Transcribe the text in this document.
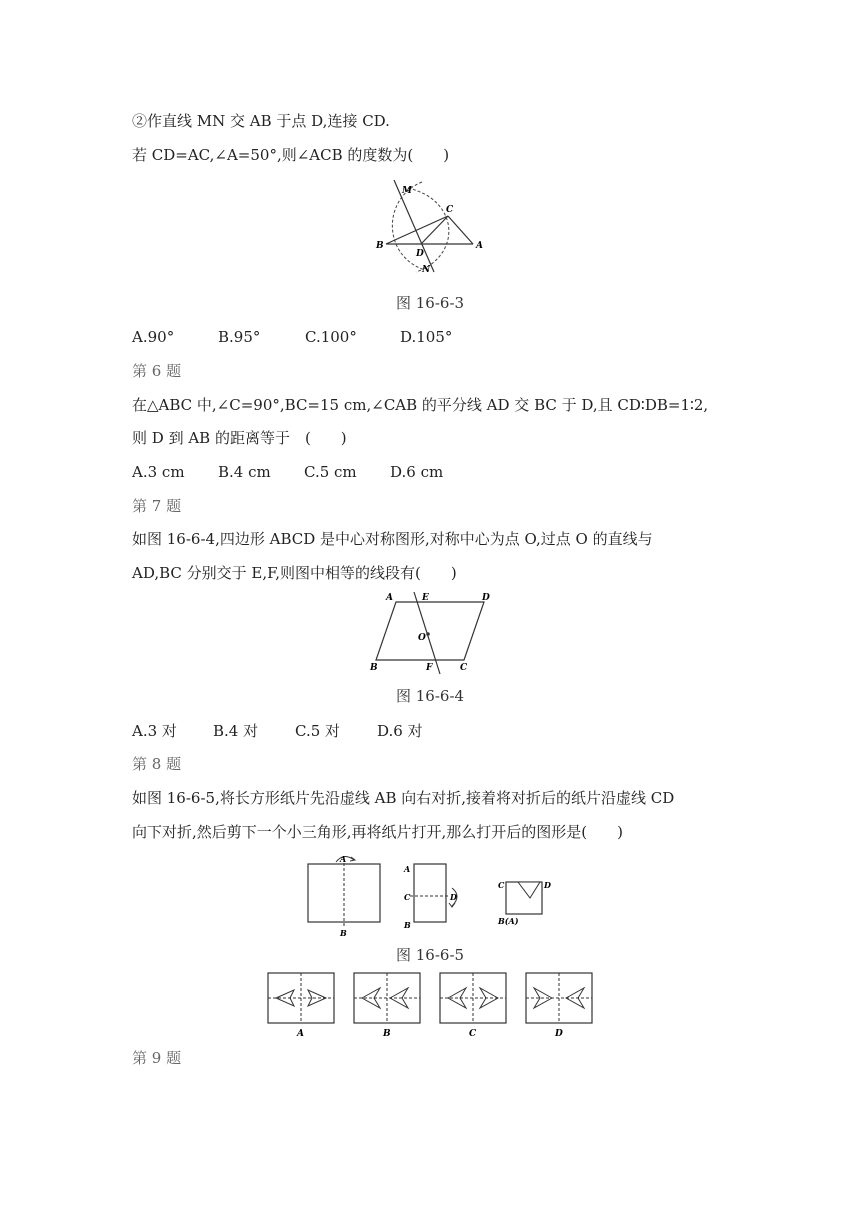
②作直线 MN 交 AB 于点 D,连接 CD.
若 CD=AC,∠A=50°,则∠ACB 的度数为(　　)
M
C
B
D
A
N
图 16-6-3
A.90°	B.95°	C.100°	D.105°
第 6 题
在△ABC 中,∠C=90°,BC=15 cm,∠CAB 的平分线 AD 交 BC 于 D,且 CD∶DB=1∶2,
则 D 到 AB 的距离等于　(　　)
A.3 cm B.4 cm C.5 cm D.6 cm
第 7 题
如图 16-6-4,四边形 ABCD 是中心对称图形,对称中心为点 O,过点 O 的直线与
AD,BC 分别交于 E,F,则图中相等的线段有(　　)
A	E	D
O
B	F	C
图 16-6-4
A.3 对 B.4 对 C.5 对 D.6 对
第 8 题
如图 16-6-5,将长方形纸片先沿虚线 AB 向右对折,接着将对折后的纸片沿虚线 CD
向下对折,然后剪下一个小三角形,再将纸片打开,那么打开后的图形是(　　)
A
B
A
C	D
B
C	D
B(A)
图 16-6-5
A	B	C	D
第 9 题
